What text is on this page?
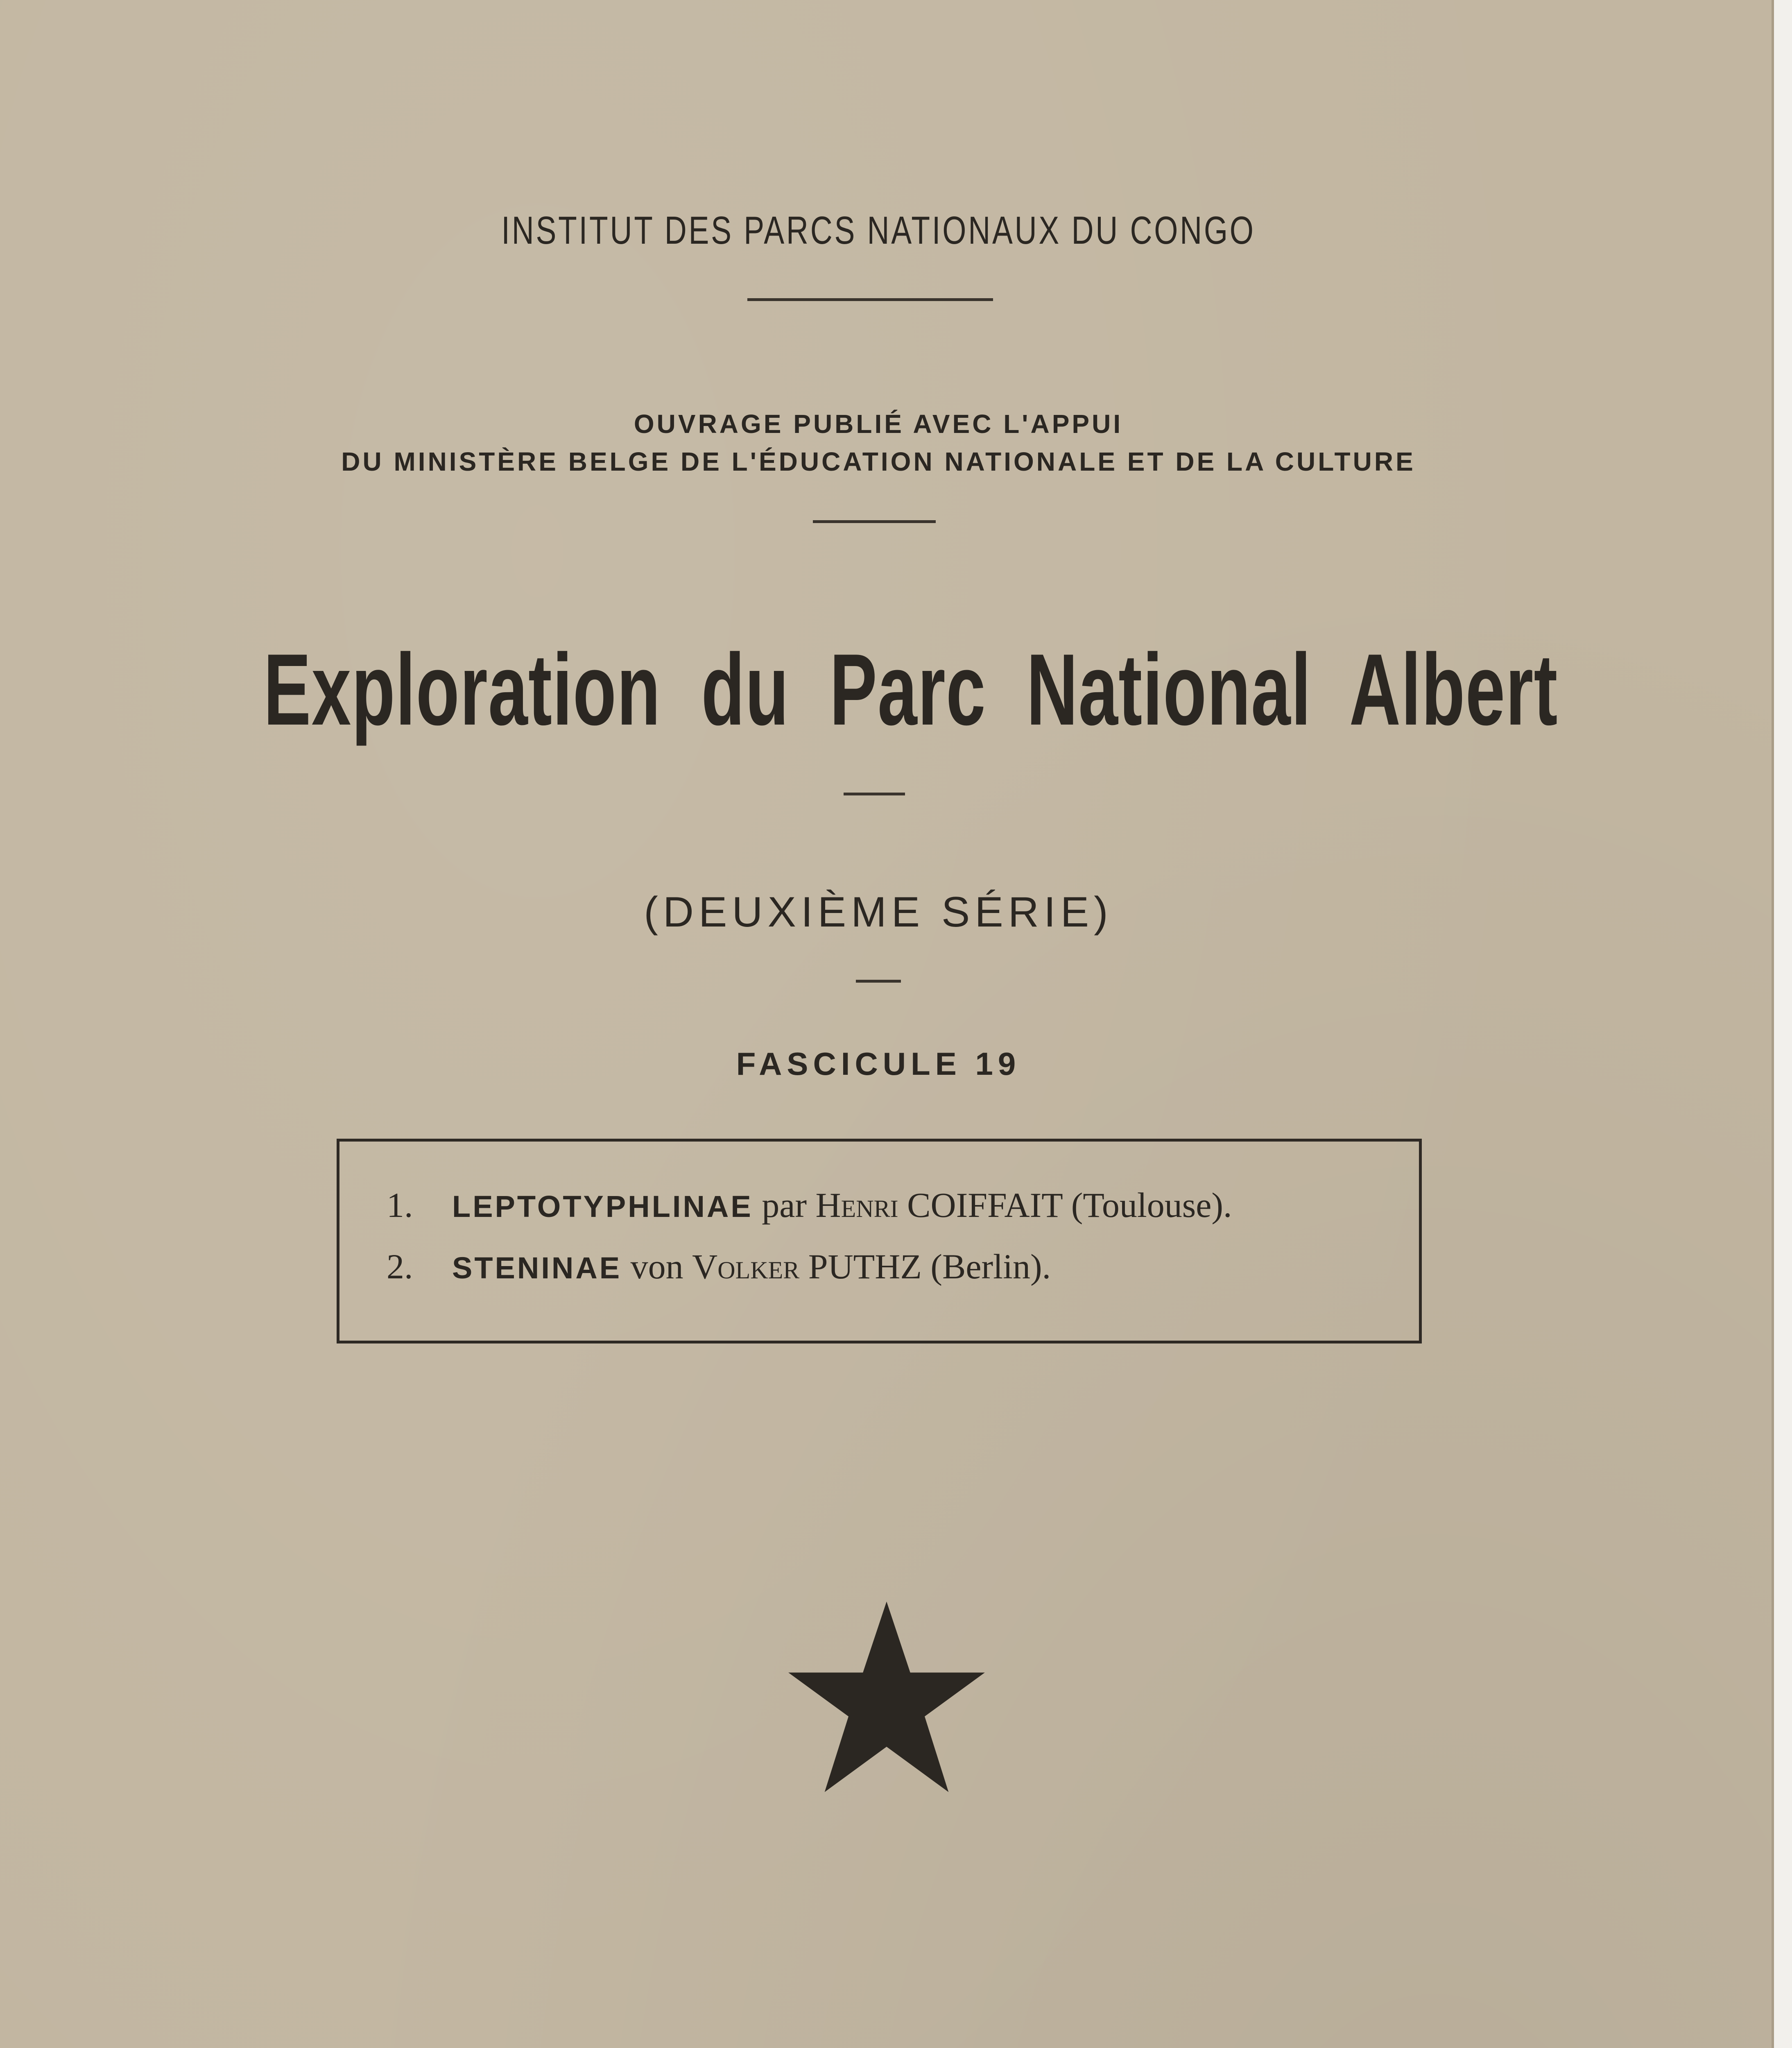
INSTITUT DES PARCS NATIONAUX DU CONGO
OUVRAGE PUBLIÉ AVEC L'APPUI
DU MINISTÈRE BELGE DE L'ÉDUCATION NATIONALE ET DE LA CULTURE
Exploration du Parc National Albert
(DEUXIÈME SÉRIE)
FASCICULE 19
1. LEPTOTYPHLINAE par Henri COIFFAIT (Toulouse).
2. STENINAE von Volker PUTHZ (Berlin).
